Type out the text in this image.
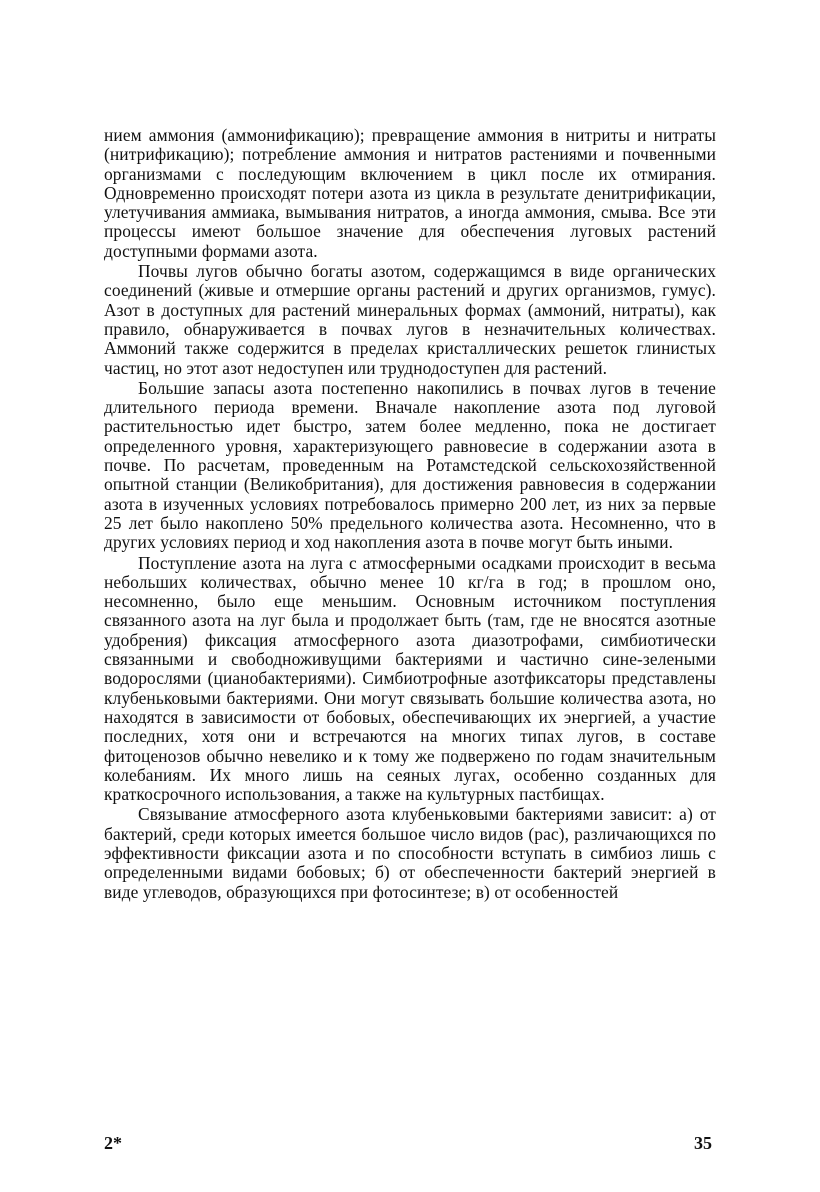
нием аммония (аммонификацию); превращение аммония в нитриты и нитраты (нитрификацию); потребление аммония и нитратов растениями и почвенными организмами с последующим включением в цикл после их отмирания. Одновременно происходят потери азота из цикла в результате денитрификации, улетучивания аммиака, вымывания нитратов, а иногда аммония, смыва. Все эти процессы имеют большое значение для обеспечения луговых растений доступными формами азота.

Почвы лугов обычно богаты азотом, содержащимся в виде органических соединений (живые и отмершие органы растений и других организмов, гумус). Азот в доступных для растений минеральных формах (аммоний, нитраты), как правило, обнаруживается в почвах лугов в незначительных количествах. Аммоний также содержится в пределах кристаллических решеток глинистых частиц, но этот азот недоступен или труднодоступен для растений.

Большие запасы азота постепенно накопились в почвах лугов в течение длительного периода времени. Вначале накопление азота под луговой растительностью идет быстро, затем более медленно, пока не достигает определенного уровня, характеризующего равновесие в содержании азота в почве. По расчетам, проведенным на Ротамстедской сельскохозяйственной опытной станции (Великобритания), для достижения равновесия в содержании азота в изученных условиях потребовалось примерно 200 лет, из них за первые 25 лет было накоплено 50% предельного количества азота. Несомненно, что в других условиях период и ход накопления азота в почве могут быть иными.

Поступление азота на луга с атмосферными осадками происходит в весьма небольших количествах, обычно менее 10 кг/га в год; в прошлом оно, несомненно, было еще меньшим. Основным источником поступления связанного азота на луг была и продолжает быть (там, где не вносятся азотные удобрения) фиксация атмосферного азота диазотрофами, симбиотически связанными и свободноживущими бактериями и частично сине-зелеными водорослями (цианобактериями). Симбиотрофные азотфиксаторы представлены клубеньковыми бактериями. Они могут связывать большие количества азота, но находятся в зависимости от бобовых, обеспечивающих их энергией, а участие последних, хотя они и встречаются на многих типах лугов, в составе фитоценозов обычно невелико и к тому же подвержено по годам значительным колебаниям. Их много лишь на сеяных лугах, особенно созданных для краткосрочного использования, а также на культурных пастбищах.

Связывание атмосферного азота клубеньковыми бактериями зависит: а) от бактерий, среди которых имеется большое число видов (рас), различающихся по эффективности фиксации азота и по способности вступать в симбиоз лишь с определенными видами бобовых; б) от обеспеченности бактерий энергией в виде углеводов, образующихся при фотосинтезе; в) от особенностей

2*	35
